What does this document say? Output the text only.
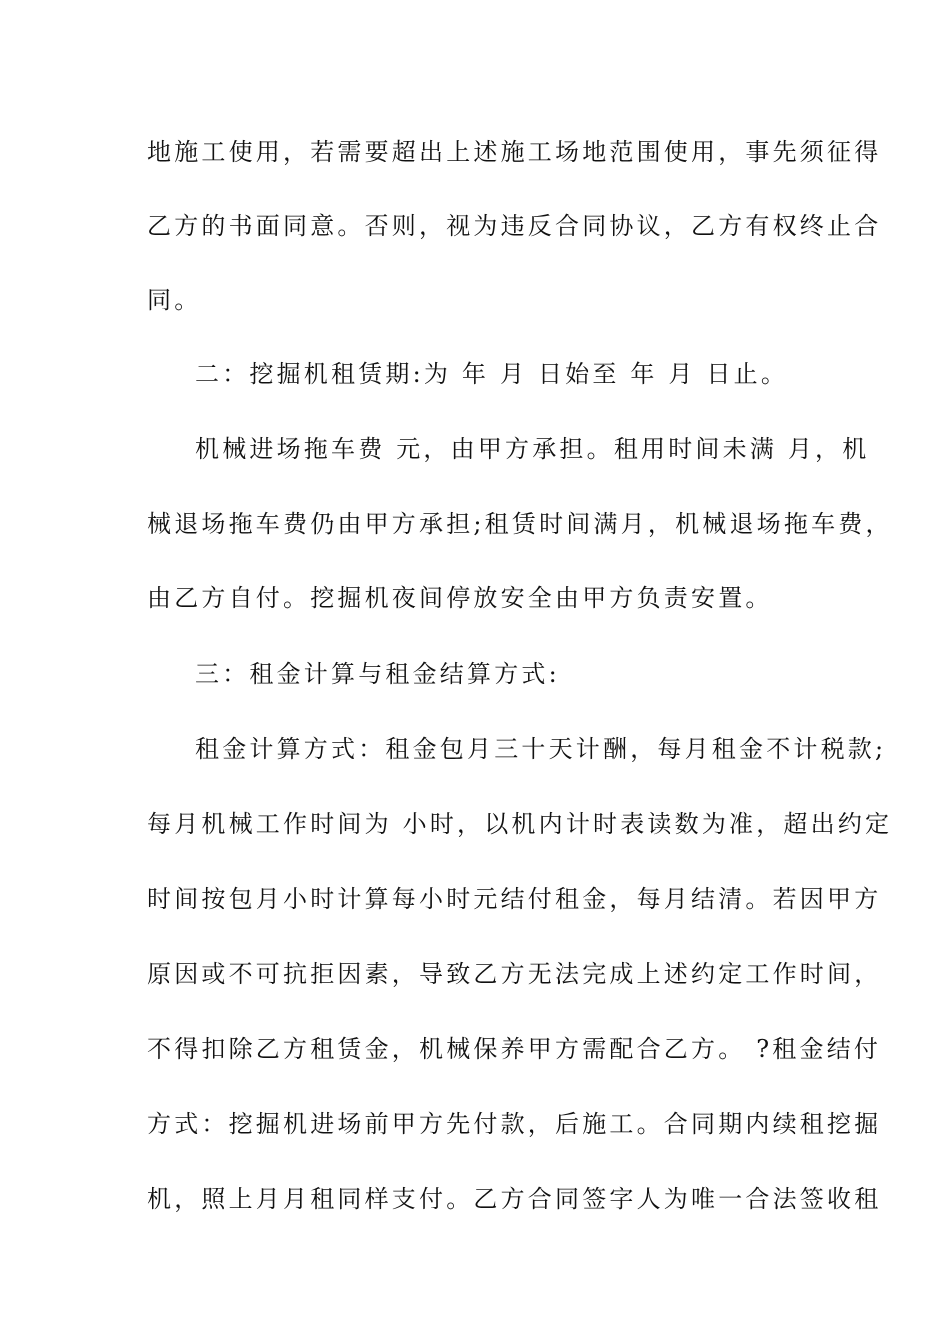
地施工使用，若需要超出上述施工场地范围使用，事先须征得
乙方的书面同意。否则，视为违反合同协议，乙方有权终止合
同。
二：挖掘机租赁期:为 年 月 日始至 年 月 日止。
机械进场拖车费 元，由甲方承担。租用时间未满 月，机
械退场拖车费仍由甲方承担;租赁时间满月，机械退场拖车费，
由乙方自付。挖掘机夜间停放安全由甲方负责安置。
三：租金计算与租金结算方式:
租金计算方式：租金包月三十天计酬，每月租金不计税款;
每月机械工作时间为 小时，以机内计时表读数为准，超出约定
时间按包月小时计算每小时元结付租金，每月结清。若因甲方
原因或不可抗拒因素，导致乙方无法完成上述约定工作时间，
不得扣除乙方租赁金，机械保养甲方需配合乙方。 ?租金结付
方式：挖掘机进场前甲方先付款，后施工。合同期内续租挖掘
机，照上月月租同样支付。乙方合同签字人为唯一合法签收租
